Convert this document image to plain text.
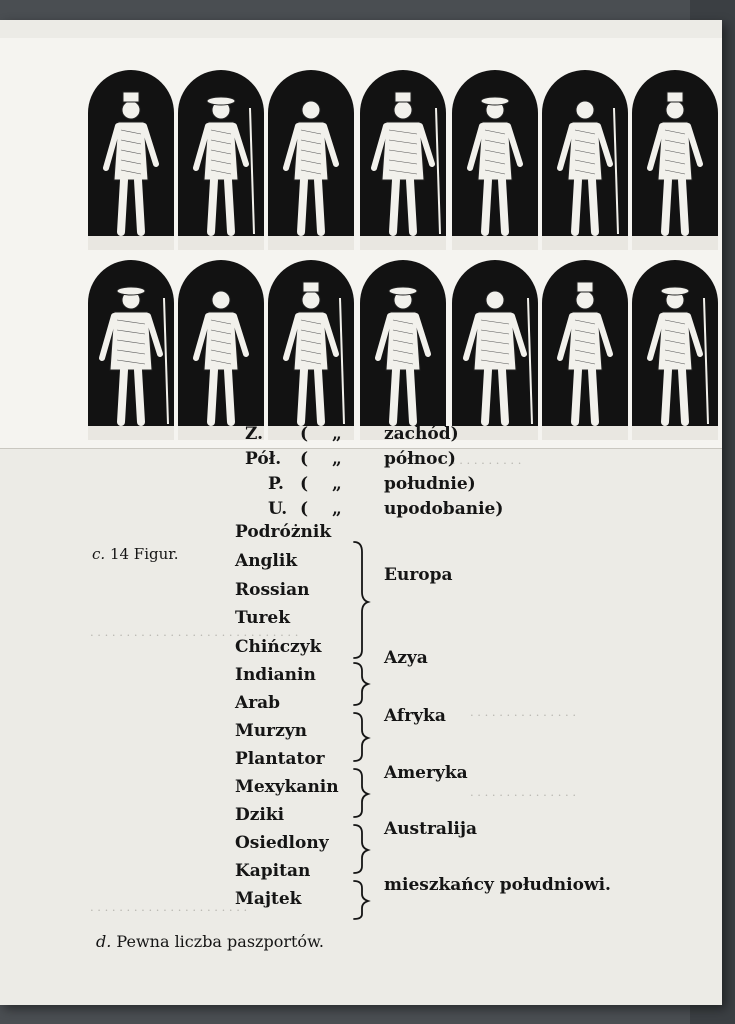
. . . . . . . . . . . . .
. . . . . . . . . . . . . . . . . . . . . . . . . . . . .
. . . . . . . . . . . . . . .
. . . . . . . . . . . . . . .
. . . . . . . . . . . . . . . . . . . . . .
Z. ( „ zachód)
Pół. ( „ północ)
P. ( „ południe)
U. ( „ upodobanie)
c. 14 Figur.
Podróżnik
Anglik
Rossian
Turek
Chińczyk
Indianin
Arab
Murzyn
Plantator
Mexykanin
Dziki
Osiedlony
Kapitan
Majtek
Europa
Azya
Afryka
Ameryka
Australija
mieszkańcy południowi.
d. Pewna liczba paszportów.
